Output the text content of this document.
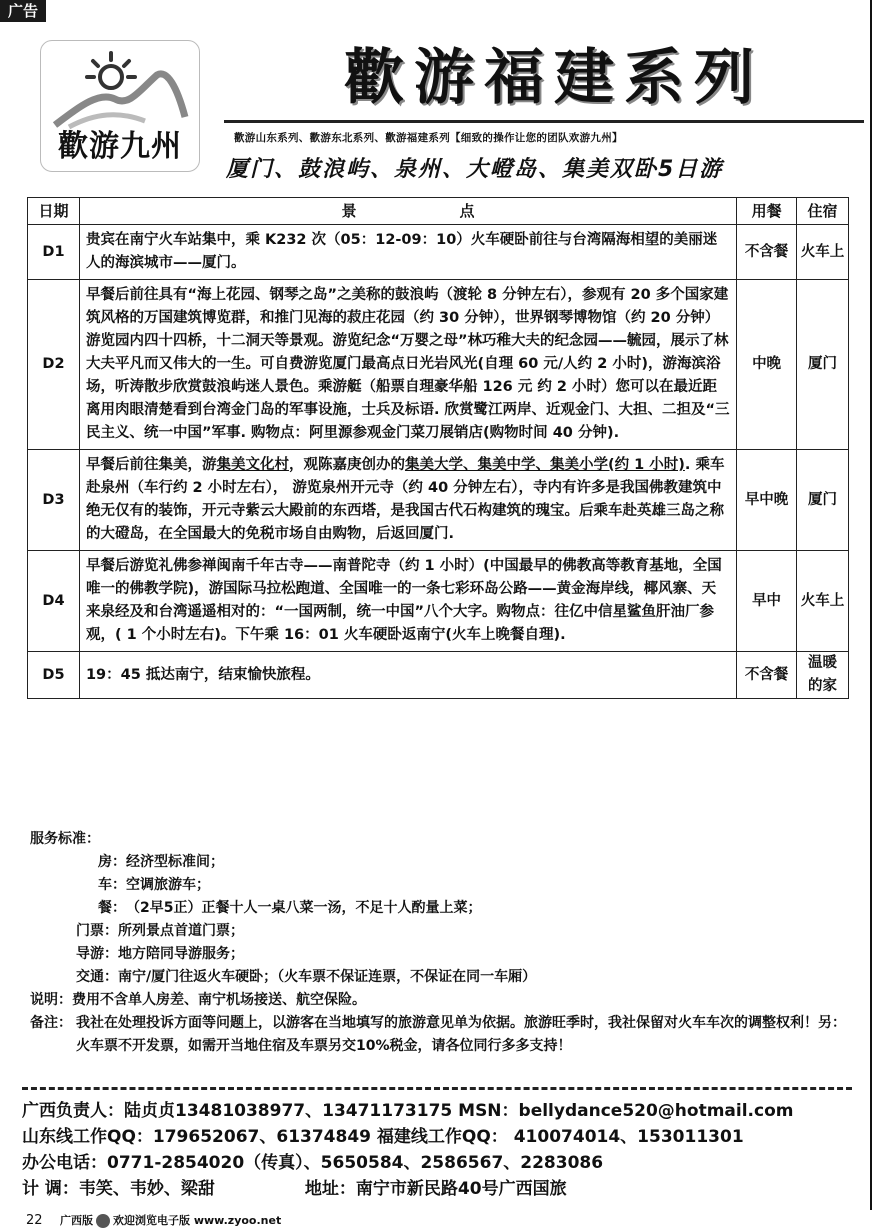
广告
歡游九州
歡游福建系列
歡游山东系列、歡游东北系列、歡游福建系列【细致的操作让您的团队欢游九州】
厦门、鼓浪屿、泉州、大嶝岛、集美双卧5日游
日期	景 点	用餐	住宿
D1	贵宾在南宁火车站集中，乘 K232 次（05：12-09：10）火车硬卧前往与台湾隔海相望的美丽迷人的海滨城市——厦门。	不含餐	火车上
D2	早餐后前往具有“海上花园、钢琴之岛”之美称的鼓浪屿（渡轮 8 分钟左右），参观有 20 多个国家建筑风格的万国建筑博览群，和推门见海的菽庄花园（约 30 分钟），世界钢琴博物馆（约 20 分钟）游览园内四十四桥，十二洞天等景观。游览纪念“万婴之母”林巧稚大夫的纪念园——毓园，展示了林大夫平凡而又伟大的一生。可自费游览厦门最高点日光岩风光(自理 60 元/人约 2 小时)，游海滨浴场，听涛散步欣赏鼓浪屿迷人景色。乘游艇（船票自理豪华船 126 元 约 2 小时）您可以在最近距离用肉眼清楚看到台湾金门岛的军事设施，士兵及标语. 欣赏鹭江两岸、近观金门、大担、二担及“三民主义、统一中国”军事. 购物点：阿里源参观金门菜刀展销店(购物时间 40 分钟).	中晚	厦门
D3	早餐后前往集美，游集美文化村，观陈嘉庚创办的集美大学、集美中学、集美小学(约 1 小时). 乘车赴泉州（车行约 2 小时左右）， 游览泉州开元寺（约 40 分钟左右），寺内有许多是我国佛教建筑中绝无仅有的装饰，开元寺紫云大殿前的东西塔，是我国古代石构建筑的瑰宝。后乘车赴英雄三岛之称的大磴岛，在全国最大的免税市场自由购物，后返回厦门.	早中晚	厦门
D4	早餐后游览礼佛参禅闽南千年古寺——南普陀寺（约 1 小时）(中国最早的佛教高等教育基地，全国唯一的佛教学院)，游国际马拉松跑道、全国唯一的一条七彩环岛公路——黄金海岸线，椰风寨、天来泉经及和台湾遥遥相对的：“一国两制，统一中国”八个大字。购物点：往亿中信星鲨鱼肝油厂参观，( 1 个小时左右)。下午乘 16：01 火车硬卧返南宁(火车上晚餐自理).	早中	火车上
D5	19：45 抵达南宁，结束愉快旅程。	不含餐	温暖
的家
服务标准：
房：经济型标准间；
车：空调旅游车；
餐：（2早5正）正餐十人一桌八菜一汤，不足十人酌量上菜；
门票：所列景点首道门票；
导游：地方陪同导游服务；
交通：南宁/厦门往返火车硬卧；（火车票不保证连票，不保证在同一车厢）
说明：费用不含单人房差、南宁机场接送、航空保险。
备注： 我社在处理投诉方面等问题上，以游客在当地填写的旅游意见单为依据。旅游旺季时，我社保留对火车车次的调整权利！另：火车票不开发票，如需开当地住宿及车票另交10%税金，请各位同行多多支持！
广西负责人：陆贞贞13481038977、13471173175 MSN：bellydance520@hotmail.com
山东线工作QQ：179652067、61374849 福建线工作QQ： 410074014、153011301
办公电话：0771-2854020（传真）、5650584、2586567、2283086
计 调：韦笑、韦妙、梁甜	地址：南宁市新民路40号广西国旅
22 广西版 欢迎浏览电子版 www.zyoo.net
